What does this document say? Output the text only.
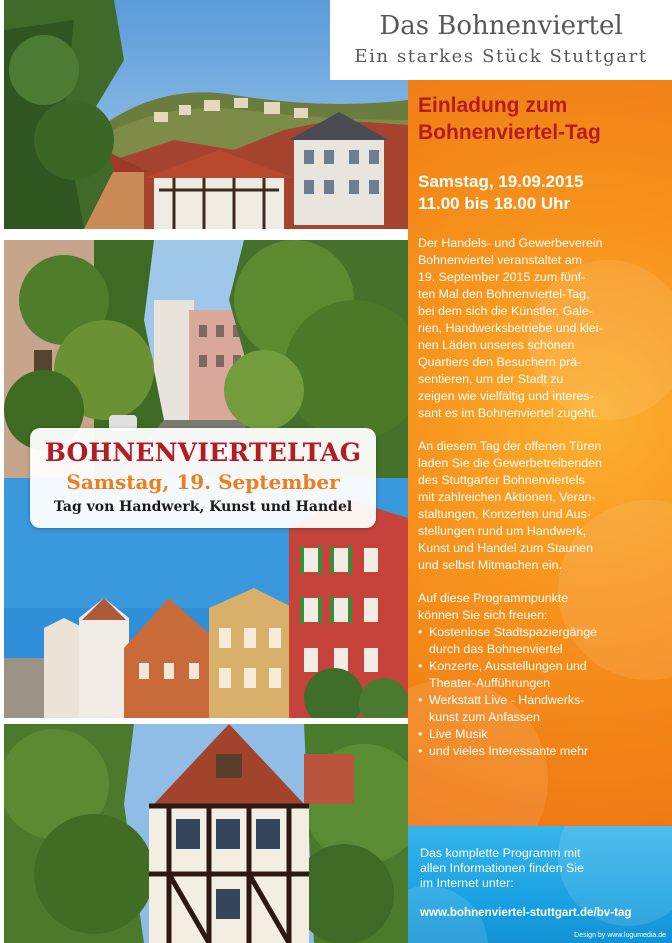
BOHNENVIERTELTAG
Samstag, 19. September
Tag von Handwerk, Kunst und Handel
Das Bohnenviertel
Ein starkes Stück Stuttgart
Einladung zum
Bohnenviertel-Tag
Samstag, 19.09.2015
11.00 bis 18.00 Uhr
Der Handels- und Gewerbeverein
Bohnenviertel veranstaltet am
19. September 2015 zum fünf-
ten Mal den Bohnenviertel-Tag,
bei dem sich die Künstler, Gale-
rien, Handwerksbetriebe und klei-
nen Läden unseres schönen
Quartiers den Besuchern prä-
sentieren, um der Stadt zu
zeigen wie vielfältig und interes-
sant es im Bohnenviertel zugeht.
An diesem Tag der offenen Türen
laden Sie die Gewerbetreibenden
des Stuttgarter Bohnenviertels
mit zahlreichen Aktionen, Veran-
staltungen, Konzerten und Aus-
stellungen rund um Handwerk,
Kunst und Handel zum Staunen
und selbst Mitmachen ein.
Auf diese Programmpunkte
können Sie sich freuen:
• Kostenlose Stadtspaziergänge
durch das Bohnenviertel
• Konzerte, Ausstellungen und
Theater-Aufführungen
• Werkstatt Live - Handwerks-
kunst zum Anfassen
• Live Musik
• und vieles Interessante mehr
Das komplette Programm mit
allen Informationen finden Sie
im Internet unter:
www.bohnenviertel-stuttgart.de/bv-tag
Design by www.lugumedia.de
